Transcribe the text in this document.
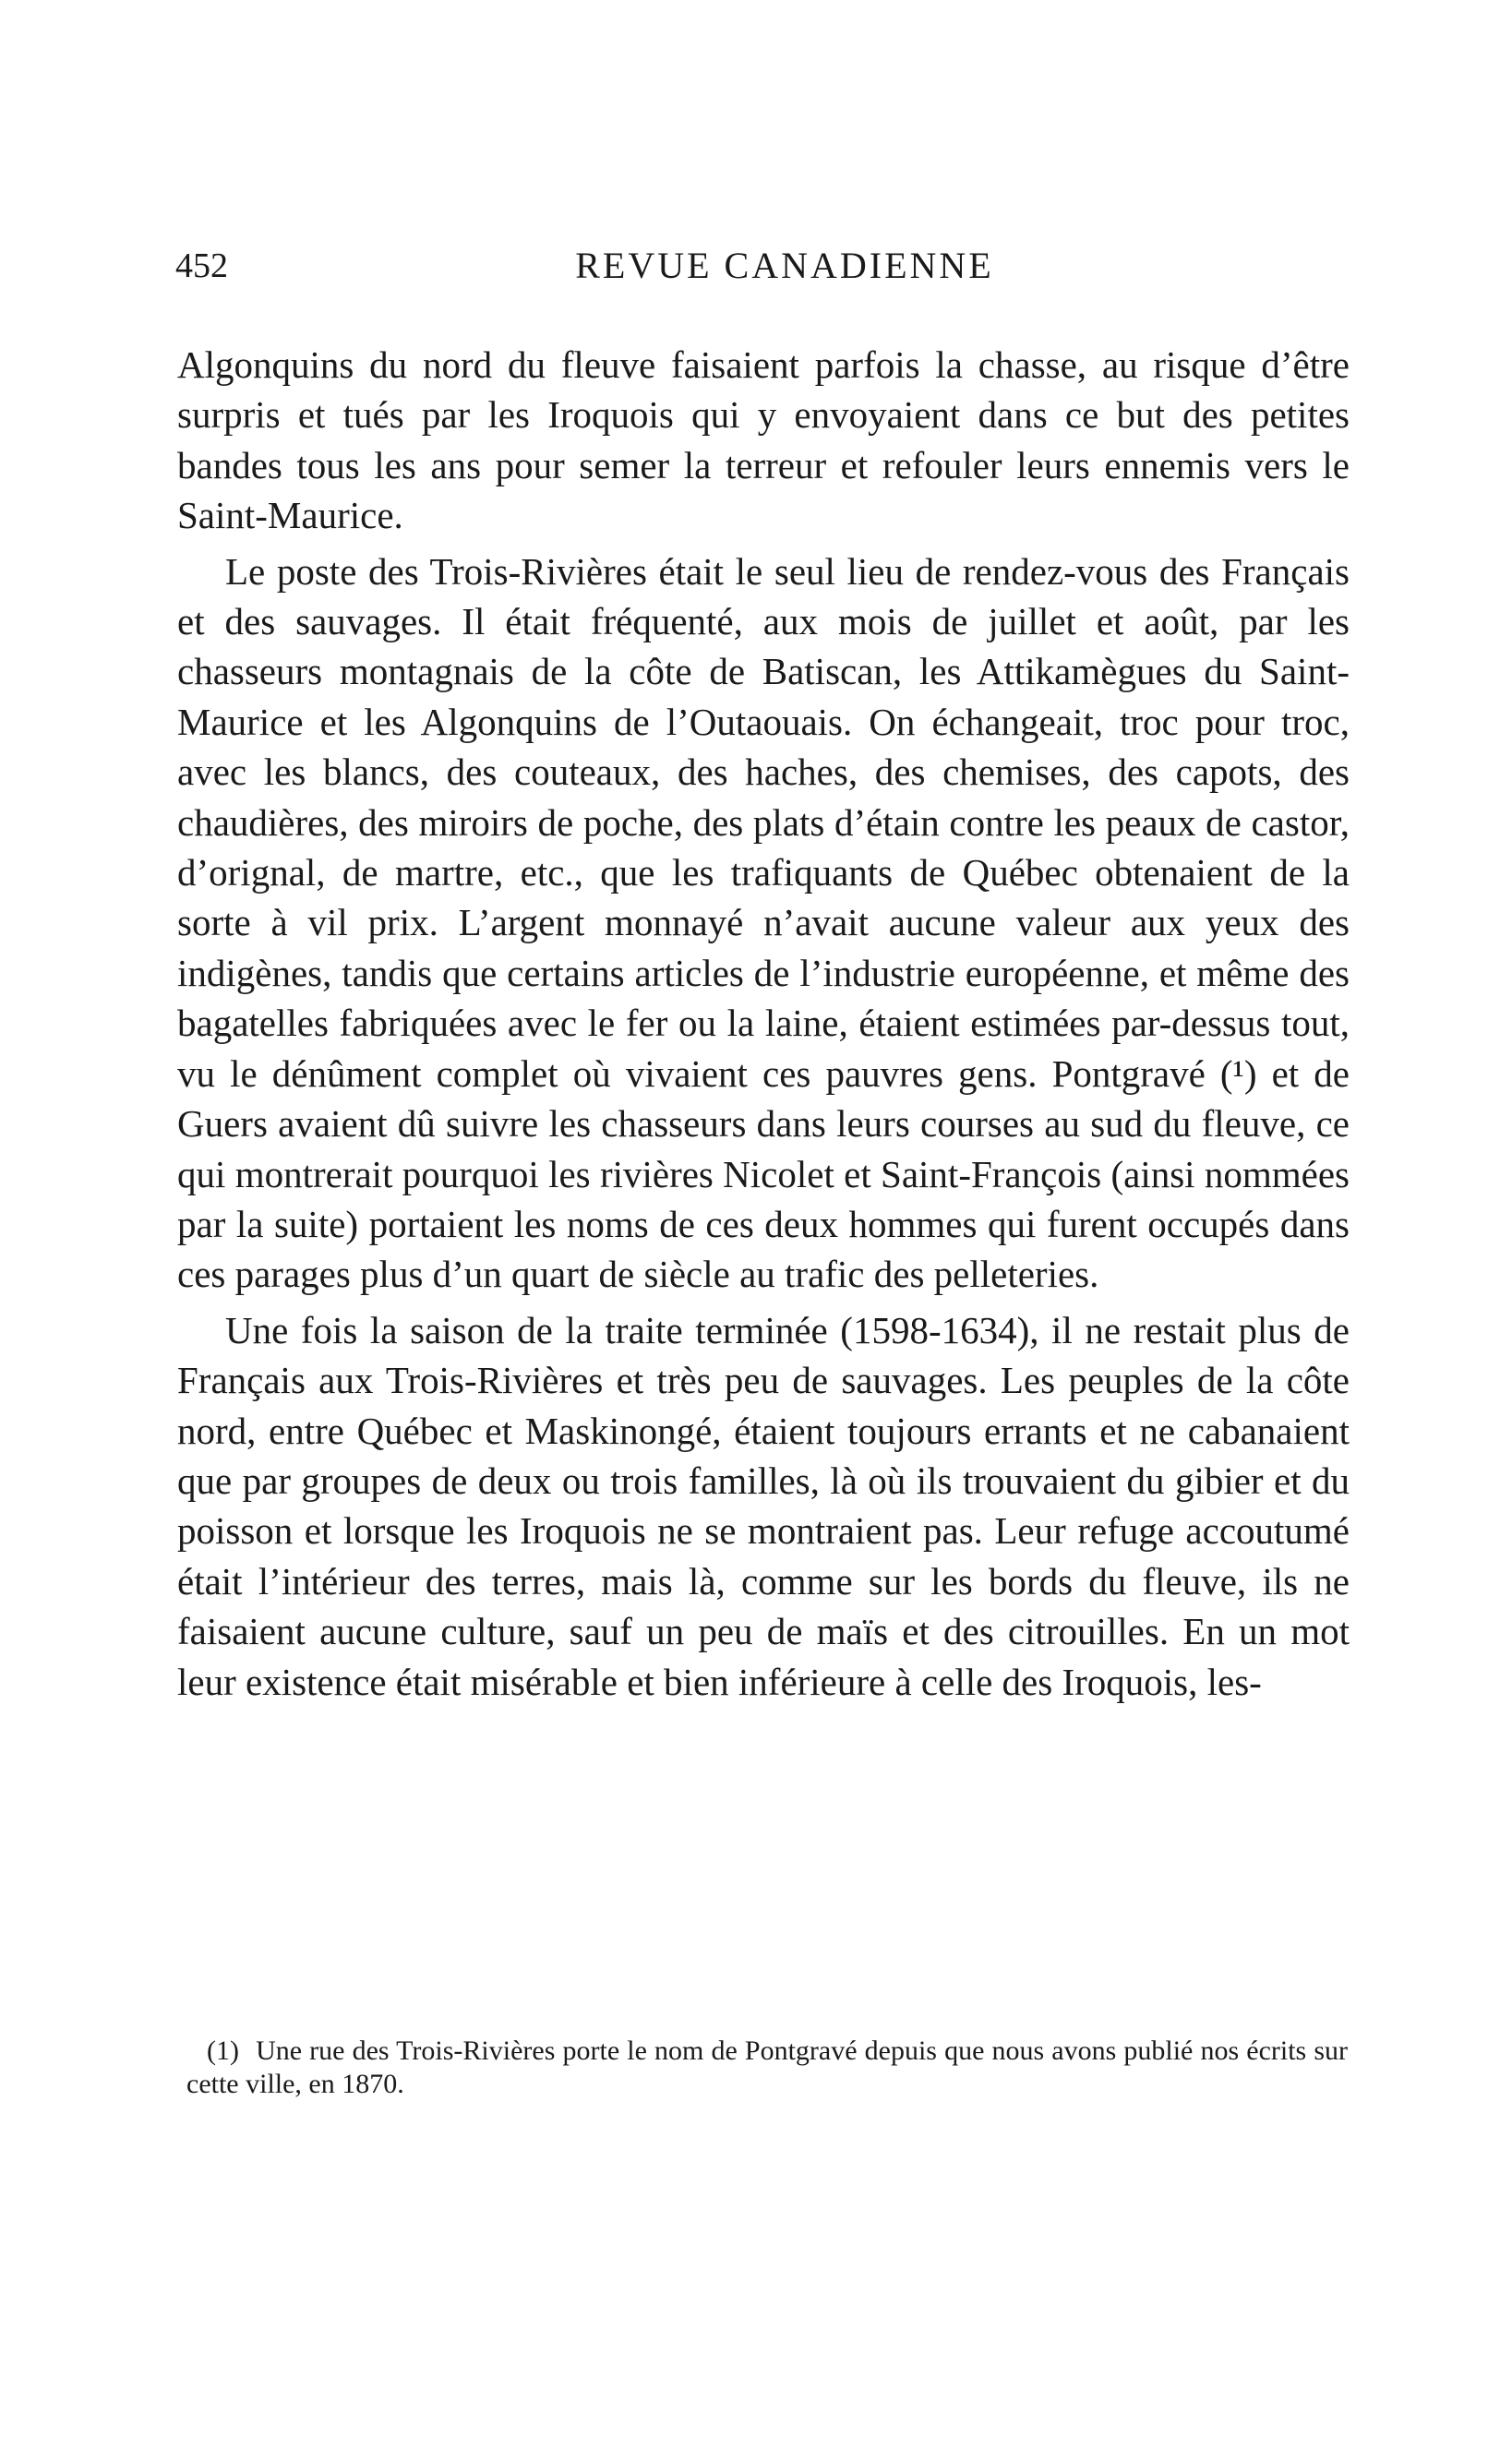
452	REVUE CANADIENNE

Algonquins du nord du fleuve faisaient parfois la chasse, au risque d’être surpris et tués par les Iroquois qui y envoyaient dans ce but des petites bandes tous les ans pour semer la terreur et refouler leurs ennemis vers le Saint-Maurice.

Le poste des Trois-Rivières était le seul lieu de rendez-vous des Français et des sauvages. Il était fréquenté, aux mois de juillet et août, par les chasseurs montagnais de la côte de Batiscan, les Attikamègues du Saint-Maurice et les Algonquins de l’Outaouais. On échangeait, troc pour troc, avec les blancs, des couteaux, des haches, des chemises, des capots, des chaudières, des miroirs de poche, des plats d’étain contre les peaux de castor, d’orignal, de martre, etc., que les trafiquants de Québec obtenaient de la sorte à vil prix. L’argent monnayé n’avait aucune valeur aux yeux des indigènes, tandis que certains articles de l’industrie européenne, et même des bagatelles fabriquées avec le fer ou la laine, étaient estimées par-dessus tout, vu le dénûment complet où vivaient ces pauvres gens. Pontgravé (¹) et de Guers avaient dû suivre les chasseurs dans leurs courses au sud du fleuve, ce qui montrerait pourquoi les rivières Nicolet et Saint-François (ainsi nommées par la suite) portaient les noms de ces deux hommes qui furent occupés dans ces parages plus d’un quart de siècle au trafic des pelleteries.

Une fois la saison de la traite terminée (1598-1634), il ne restait plus de Français aux Trois-Rivières et très peu de sauvages. Les peuples de la côte nord, entre Québec et Maskinongé, étaient toujours errants et ne cabanaient que par groupes de deux ou trois familles, là où ils trouvaient du gibier et du poisson et lorsque les Iroquois ne se montraient pas. Leur refuge accoutumé était l’intérieur des terres, mais là, comme sur les bords du fleuve, ils ne faisaient aucune culture, sauf un peu de maïs et des citrouilles. En un mot leur existence était misérable et bien inférieure à celle des Iroquois, les-

(1) Une rue des Trois-Rivières porte le nom de Pontgravé depuis que nous avons publié nos écrits sur cette ville, en 1870.
